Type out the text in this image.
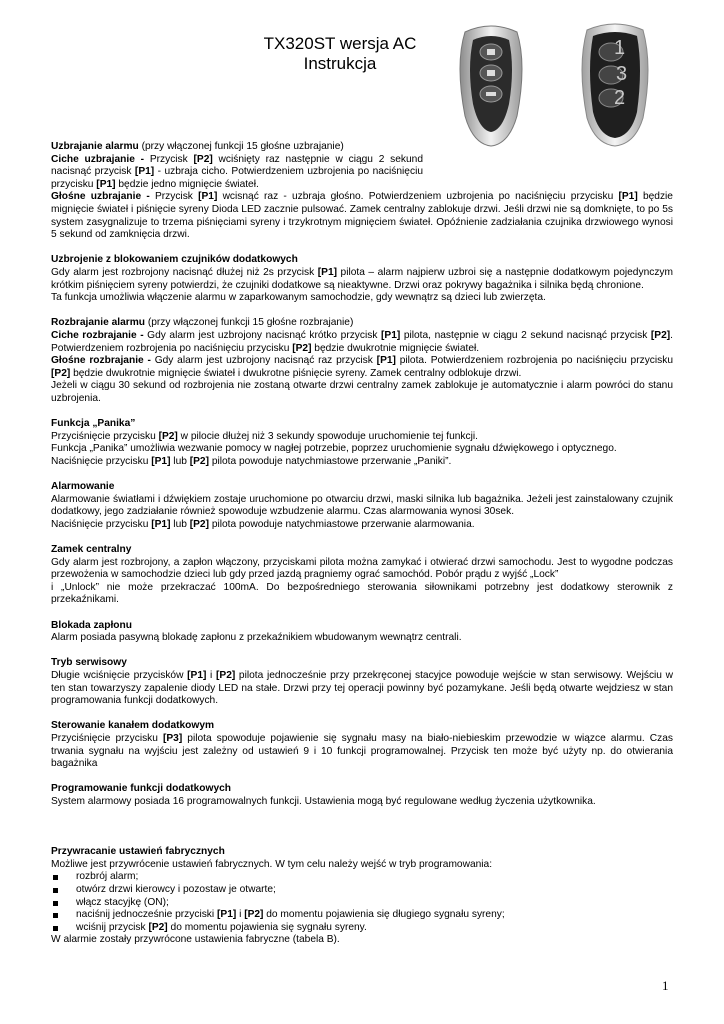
TX320ST wersja AC
Instrukcja
1
3
2

Uzbrajanie alarmu (przy włączonej funkcji 15 głośne uzbrajanie)

Ciche uzbrajanie - Przycisk [P2] wciśnięty raz następnie w ciągu 2 sekund nacisnąć przycisk [P1] - uzbraja cicho. Potwierdzeniem uzbrojenia po naciśnięciu przycisku [P1] będzie jedno mignięcie świateł.

Głośne uzbrajanie - Przycisk [P1] wcisnąć raz - uzbraja głośno. Potwierdzeniem uzbrojenia po naciśnięciu przycisku [P1] będzie mignięcie świateł i piśnięcie syreny Dioda LED zacznie pulsować. Zamek centralny zablokuje drzwi. Jeśli drzwi nie są domknięte, to po 5s system zasygnalizuje to trzema piśnięciami syreny i trzykrotnym mignięciem świateł. Opóźnienie zadziałania czujnika drzwiowego wynosi 5 sekund od zamknięcia drzwi.

Uzbrojenie z blokowaniem czujników dodatkowych

Gdy alarm jest rozbrojony nacisnąć dłużej niż 2s przycisk [P1] pilota – alarm najpierw uzbroi się a następnie dodatkowym pojedynczym krótkim piśnięciem syreny potwierdzi, że czujniki dodatkowe są nieaktywne. Drzwi oraz pokrywy bagażnika i silnika będą chronione.

Ta funkcja umożliwia włączenie alarmu w zaparkowanym samochodzie, gdy wewnątrz są dzieci lub zwierzęta.

Rozbrajanie alarmu (przy włączonej funkcji 15 głośne rozbrajanie)

Ciche rozbrajanie - Gdy alarm jest uzbrojony nacisnąć krótko przycisk [P1] pilota, następnie w ciągu 2 sekund nacisnąć przycisk [P2]. Potwierdzeniem rozbrojenia po naciśnięciu przycisku [P2] będzie dwukrotnie mignięcie świateł.

Głośne rozbrajanie - Gdy alarm jest uzbrojony nacisnąć raz przycisk [P1] pilota. Potwierdzeniem rozbrojenia po naciśnięciu przycisku [P2] będzie dwukrotnie mignięcie świateł i dwukrotne piśnięcie syreny. Zamek centralny odblokuje drzwi.

Jeżeli w ciągu 30 sekund od rozbrojenia nie zostaną otwarte drzwi centralny zamek zablokuje je automatycznie i alarm powróci do stanu uzbrojenia.

Funkcja „Panika”

Przyciśnięcie przycisku [P2] w pilocie dłużej niż 3 sekundy spowoduje uruchomienie tej funkcji.

Funkcja „Panika” umożliwia wezwanie pomocy w nagłej potrzebie, poprzez uruchomienie sygnału dźwiękowego i optycznego.

Naciśnięcie przycisku [P1] lub [P2] pilota powoduje natychmiastowe przerwanie „Paniki”.

Alarmowanie

Alarmowanie światłami i dźwiękiem zostaje uruchomione po otwarciu drzwi, maski silnika lub bagażnika. Jeżeli jest zainstalowany czujnik dodatkowy, jego zadziałanie również spowoduje wzbudzenie alarmu. Czas alarmowania wynosi 30sek.

Naciśnięcie przycisku [P1] lub [P2] pilota powoduje natychmiastowe przerwanie alarmowania.

Zamek centralny

Gdy alarm jest rozbrojony, a zapłon włączony, przyciskami pilota można zamykać i otwierać drzwi samochodu. Jest to wygodne podczas przewożenia w samochodzie dzieci lub gdy przed jazdą pragniemy ograć samochód. Pobór prądu z wyjść „Lock”

i „Unlock” nie może przekraczać 100mA. Do bezpośredniego sterowania siłownikami potrzebny jest dodatkowy sterownik z przekaźnikami.

Blokada zapłonu

Alarm posiada pasywną blokadę zapłonu z przekaźnikiem wbudowanym wewnątrz centrali.

Tryb serwisowy

Długie wciśnięcie przycisków [P1] i [P2] pilota jednocześnie przy przekręconej stacyjce powoduje wejście w stan serwisowy. Wejściu w ten stan towarzyszy zapalenie diody LED na stałe. Drzwi przy tej operacji powinny być pozamykane. Jeśli będą otwarte wejdziesz w stan programowania funkcji dodatkowych.

Sterowanie kanałem dodatkowym

Przyciśnięcie przycisku [P3] pilota spowoduje pojawienie się sygnału masy na biało-niebieskim przewodzie w wiązce alarmu. Czas trwania sygnału na wyjściu jest zależny od ustawień 9 i 10 funkcji programowalnej. Przycisk ten może być użyty np. do otwierania bagażnika

Programowanie funkcji dodatkowych

System alarmowy posiada 16 programowalnych funkcji. Ustawienia mogą być regulowane według życzenia użytkownika.

Przywracanie ustawień fabrycznych

Możliwe jest przywrócenie ustawień fabrycznych. W tym celu należy wejść w tryb programowania:

rozbrój alarm;
otwórz drzwi kierowcy i pozostaw je otwarte;
włącz stacyjkę (ON);
naciśnij jednocześnie przyciski [P1] i [P2] do momentu pojawienia się długiego sygnału syreny;
wciśnij przycisk [P2] do momentu pojawienia się sygnału syreny.

W alarmie zostały przywrócone ustawienia fabryczne (tabela B).

1
